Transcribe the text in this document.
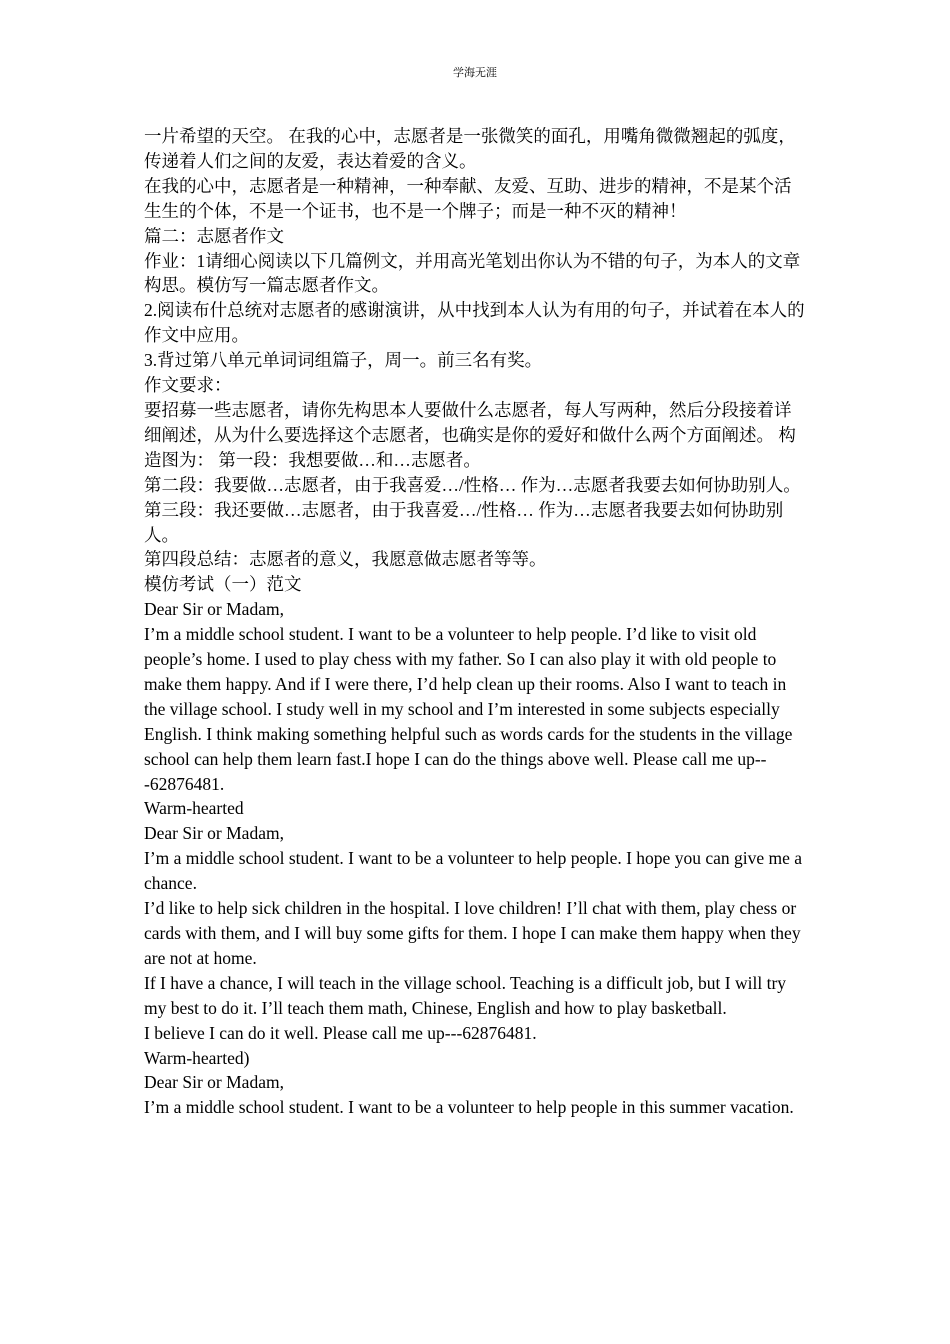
学海无涯

一片希望的天空。 在我的心中，志愿者是一张微笑的面孔，用嘴角微微翘起的弧度，传递着人们之间的友爱，表达着爱的含义。

在我的心中，志愿者是一种精神，一种奉献、友爱、互助、进步的精神，不是某个活生生的个体，不是一个证书，也不是一个牌子；而是一种不灭的精神！

篇二：志愿者作文

作业：1请细心阅读以下几篇例文，并用高光笔划出你认为不错的句子，为本人的文章构思。模仿写一篇志愿者作文。

2.阅读布什总统对志愿者的感谢演讲，从中找到本人认为有用的句子，并试着在本人的作文中应用。

3.背过第八单元单词词组篇子，周一。前三名有奖。

作文要求：

要招募一些志愿者，请你先构思本人要做什么志愿者，每人写两种，然后分段接着详细阐述，从为什么要选择这个志愿者，也确实是你的爱好和做什么两个方面阐述。 构造图为： 第一段：我想要做…和…志愿者。

第二段：我要做…志愿者，由于我喜爱…/性格… 作为…志愿者我要去如何协助别人。

第三段：我还要做…志愿者，由于我喜爱…/性格… 作为…志愿者我要去如何协助别人。

第四段总结：志愿者的意义，我愿意做志愿者等等。

模仿考试（一）范文

Dear Sir or Madam,

I’m a middle school student. I want to be a volunteer to help people. I’d like to visit old people’s home. I used to play chess with my father. So I can also play it with old people to make them happy. And if I were there, I’d help clean up their rooms. Also I want to teach in the village school. I study well in my school and I’m interested in some subjects especially English. I think making something helpful such as words cards for the students in the village school can help them learn fast.I hope I can do the things above well. Please call me up---62876481.

Warm-hearted

Dear Sir or Madam,

I’m a middle school student. I want to be a volunteer to help people. I hope you can give me a chance.

I’d like to help sick children in the hospital. I love children! I’ll chat with them, play chess or cards with them, and I will buy some gifts for them. I hope I can make them happy when they are not at home.

If I have a chance, I will teach in the village school. Teaching is a difficult job, but I will try my best to do it. I’ll teach them math, Chinese, English and how to play basketball.

I believe I can do it well. Please call me up---62876481.

Warm-hearted)

Dear Sir or Madam,

I’m a middle school student. I want to be a volunteer to help people in this summer vacation.
